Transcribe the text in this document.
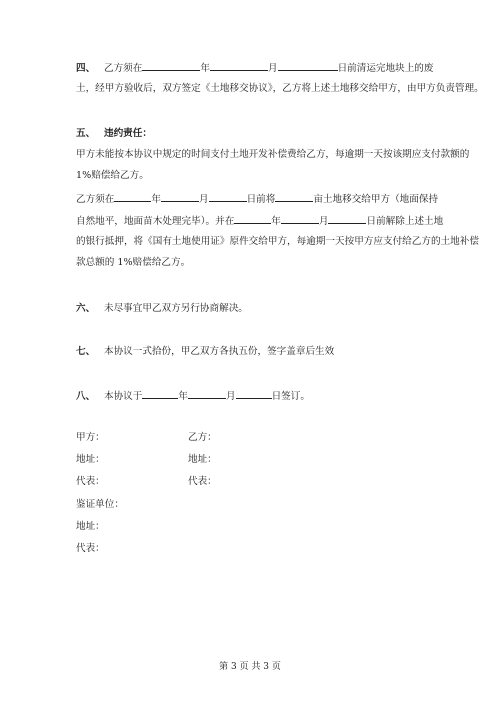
四、 乙方须在	年	月	日前清运完地块上的废
土，经甲方验收后，双方签定《土地移交协议》，乙方将上述土地移交给甲方，由甲方负责管理。
五、 违约责任：
甲方未能按本协议中规定的时间支付土地开发补偿费给乙方，每逾期一天按该期应支付款额的
1%赔偿给乙方。
乙方须在	年	月	日前将	亩土地移交给甲方（地面保持
自然地平，地面苗木处理完毕）。并在	年	月	日前解除上述土地
的银行抵押，将《国有土地使用证》原件交给甲方，每逾期一天按甲方应支付给乙方的土地补偿
款总额的 1%赔偿给乙方。
六、 未尽事宜甲乙双方另行协商解决。
七、 本协议一式拾份，甲乙双方各执五份，签字盖章后生效
八、 本协议于	年	月	日签订。
甲方：	乙方：
地址：	地址：
代表：	代表：
鉴证单位：
地址：
代表：
第 3 页 共 3 页
